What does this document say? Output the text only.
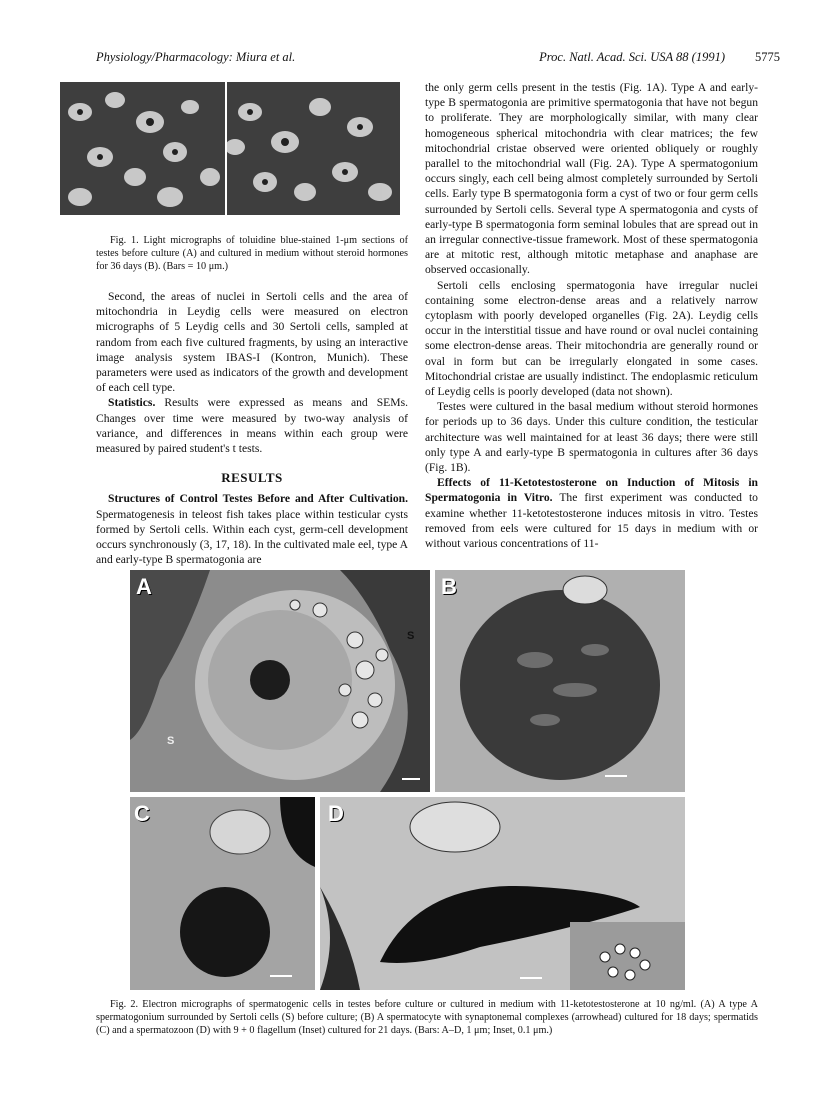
Physiology/Pharmacology: Miura et al.	Proc. Natl. Acad. Sci. USA 88 (1991) 5775
Fig. 1. Light micrographs of toluidine blue-stained 1-μm sections of testes before culture (A) and cultured in medium without steroid hormones for 36 days (B). (Bars = 10 μm.)

Second, the areas of nuclei in Sertoli cells and the area of mitochondria in Leydig cells were measured on electron micrographs of 5 Leydig cells and 30 Sertoli cells, sampled at random from each five cultured fragments, by using an interactive image analysis system IBAS-I (Kontron, Munich). These parameters were used as indicators of the growth and development of each cell type.

Statistics. Results were expressed as means and SEMs. Changes over time were measured by two-way analysis of variance, and differences in means within each group were measured by paired student's t tests.

RESULTS

Structures of Control Testes Before and After Cultivation. Spermatogenesis in teleost fish takes place within testicular cysts formed by Sertoli cells. Within each cyst, germ-cell development occurs synchronously (3, 17, 18). In the cultivated male eel, type A and early-type B spermatogonia are

the only germ cells present in the testis (Fig. 1A). Type A and early-type B spermatogonia are primitive spermatogonia that have not begun to proliferate. They are morphologically similar, with many clear homogeneous spherical mitochondria with clear matrices; the few mitochondrial cristae observed were oriented obliquely or roughly parallel to the mitochondrial wall (Fig. 2A). Type A spermatogonium occurs singly, each cell being almost completely surrounded by Sertoli cells. Early type B spermatogonia form a cyst of two or four germ cells surrounded by Sertoli cells. Several type A spermatogonia and cysts of early-type B spermatogonia form seminal lobules that are spread out in an irregular connective-tissue framework. Most of these spermatogonia are at mitotic rest, although mitotic metaphase and anaphase are observed occasionally.

Sertoli cells enclosing spermatogonia have irregular nuclei containing some electron-dense areas and a relatively narrow cytoplasm with poorly developed organelles (Fig. 2A). Leydig cells occur in the interstitial tissue and have round or oval nuclei containing some electron-dense areas. Their mitochondria are generally round or oval in form but can be irregularly elongated in some cases. Mitochondrial cristae are usually indistinct. The endoplasmic reticulum of Leydig cells is poorly developed (data not shown).

Testes were cultured in the basal medium without steroid hormones for periods up to 36 days. Under this culture condition, the testicular architecture was well maintained for at least 36 days; there were still only type A and early-type B spermatogonia in cultures after 36 days (Fig. 1B).

Effects of 11-Ketotestosterone on Induction of Mitosis in Spermatogonia in Vitro. The first experiment was conducted to examine whether 11-ketotestosterone induces mitosis in vitro. Testes removed from eels were cultured for 15 days in medium with or without various concentrations of 11-

A
S
S
B
C	D
Fig. 2. Electron micrographs of spermatogenic cells in testes before culture or cultured in medium with 11-ketotestosterone at 10 ng/ml. (A) A type A spermatogonium surrounded by Sertoli cells (S) before culture; (B) A spermatocyte with synaptonemal complexes (arrowhead) cultured for 18 days; spermatids (C) and a spermatozoon (D) with 9 + 0 flagellum (Inset) cultured for 21 days. (Bars: A–D, 1 μm; Inset, 0.1 μm.)
